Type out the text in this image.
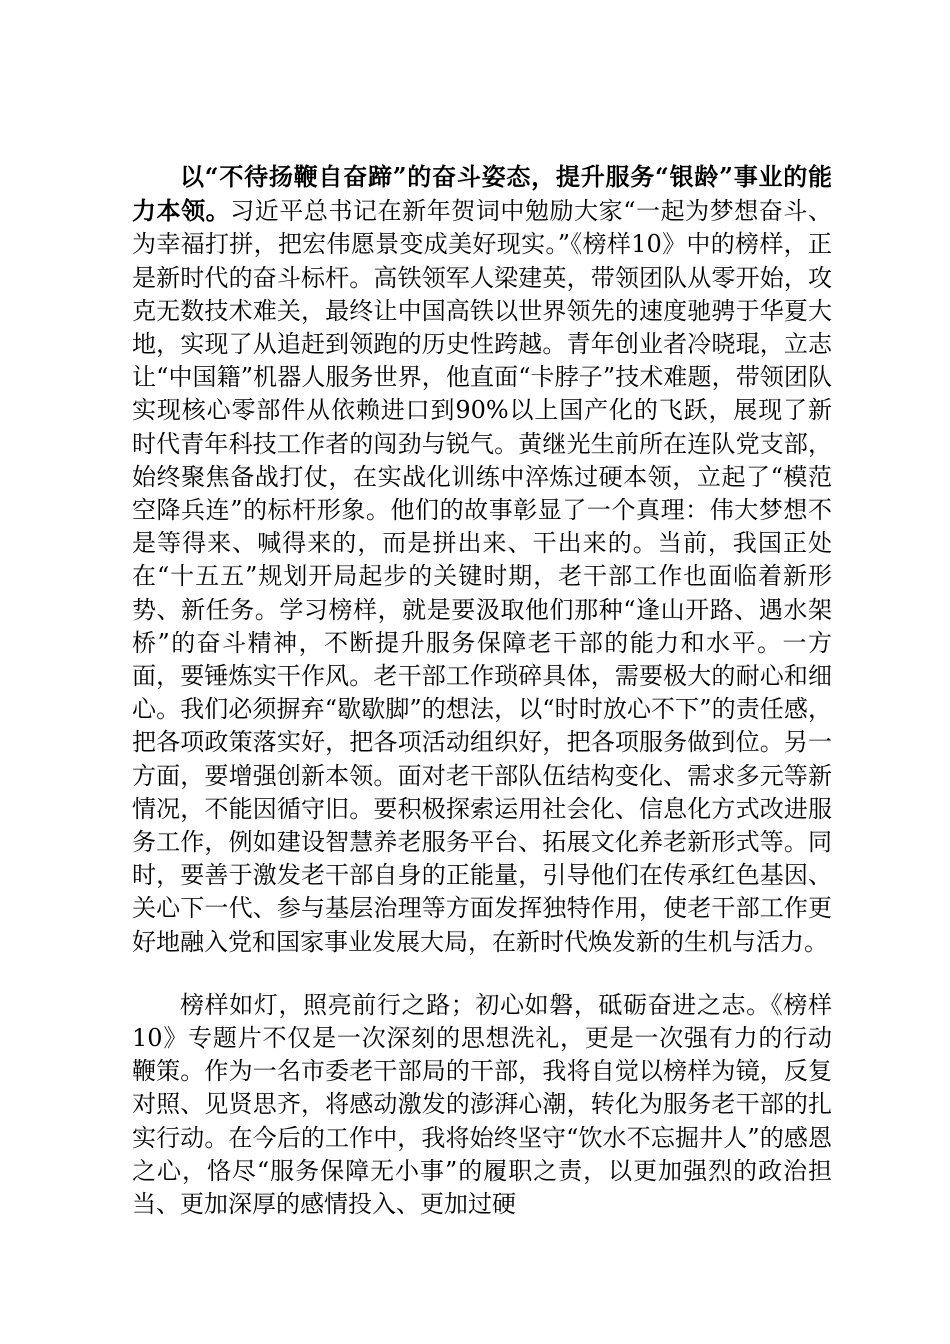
以“不待扬鞭自奋蹄”的奋斗姿态，提升服务“银龄”事业的能力本领。习近平总书记在新年贺词中勉励大家“一起为梦想奋斗、为幸福打拼，把宏伟愿景变成美好现实。”《榜样10》中的榜样，正是新时代的奋斗标杆。高铁领军人梁建英，带领团队从零开始，攻克无数技术难关，最终让中国高铁以世界领先的速度驰骋于华夏大地，实现了从追赶到领跑的历史性跨越。青年创业者冷晓琨，立志让“中国籍”机器人服务世界，他直面“卡脖子”技术难题，带领团队实现核心零部件从依赖进口到90%以上国产化的飞跃，展现了新时代青年科技工作者的闯劲与锐气。黄继光生前所在连队党支部，始终聚焦备战打仗，在实战化训练中淬炼过硬本领，立起了“模范空降兵连”的标杆形象。他们的故事彰显了一个真理：伟大梦想不是等得来、喊得来的，而是拼出来、干出来的。当前，我国正处在“十五五”规划开局起步的关键时期，老干部工作也面临着新形势、新任务。学习榜样，就是要汲取他们那种“逢山开路、遇水架桥”的奋斗精神，不断提升服务保障老干部的能力和水平。一方面，要锤炼实干作风。老干部工作琐碎具体，需要极大的耐心和细心。我们必须摒弃“歇歇脚”的想法，以“时时放心不下”的责任感，把各项政策落实好，把各项活动组织好，把各项服务做到位。另一方面，要增强创新本领。面对老干部队伍结构变化、需求多元等新情况，不能因循守旧。要积极探索运用社会化、信息化方式改进服务工作，例如建设智慧养老服务平台、拓展文化养老新形式等。同时，要善于激发老干部自身的正能量，引导他们在传承红色基因、关心下一代、参与基层治理等方面发挥独特作用，使老干部工作更好地融入党和国家事业发展大局，在新时代焕发新的生机与活力。

榜样如灯，照亮前行之路；初心如磐，砥砺奋进之志。《榜样10》专题片不仅是一次深刻的思想洗礼，更是一次强有力的行动鞭策。作为一名市委老干部局的干部，我将自觉以榜样为镜，反复对照、见贤思齐，将感动激发的澎湃心潮，转化为服务老干部的扎实行动。在今后的工作中，我将始终坚守“饮水不忘掘井人”的感恩之心，恪尽“服务保障无小事”的履职之责，以更加强烈的政治担当、更加深厚的感情投入、更加过硬
